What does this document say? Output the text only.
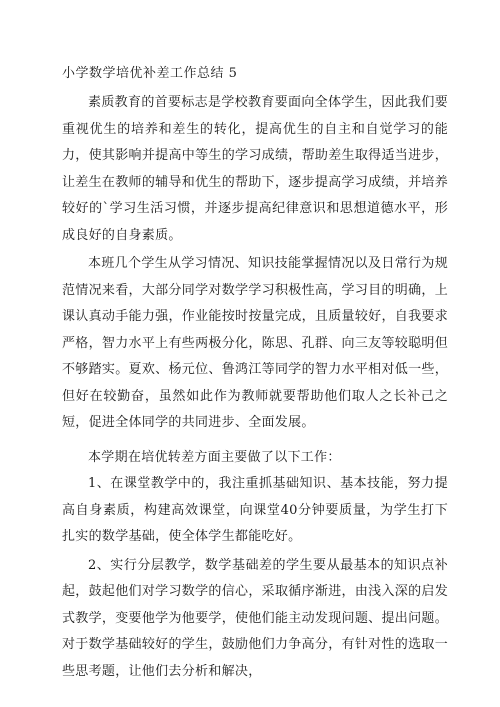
小学数学培优补差工作总结 5

素质教育的首要标志是学校教育要面向全体学生，因此我们要重视优生的培养和差生的转化，提高优生的自主和自觉学习的能力，使其影响并提高中等生的学习成绩，帮助差生取得适当进步，让差生在教师的辅导和优生的帮助下，逐步提高学习成绩，并培养较好的`学习生活习惯，并逐步提高纪律意识和思想道德水平，形成良好的自身素质。

本班几个学生从学习情况、知识技能掌握情况以及日常行为规范情况来看，大部分同学对数学学习积极性高，学习目的明确，上课认真动手能力强，作业能按时按量完成，且质量较好，自我要求严格，智力水平上有些两极分化，陈思、孔群、向三友等较聪明但不够踏实。夏欢、杨元位、鲁鸿江等同学的智力水平相对低一些，但好在较勤奋，虽然如此作为教师就要帮助他们取人之长补己之短，促进全体同学的共同进步、全面发展。

本学期在培优转差方面主要做了以下工作：

1、在课堂教学中的，我注重抓基础知识、基本技能，努力提高自身素质，构建高效课堂，向课堂40分钟要质量，为学生打下扎实的数学基础，使全体学生都能吃好。

2、实行分层教学，数学基础差的学生要从最基本的知识点补起，鼓起他们对学习数学的信心，采取循序渐进，由浅入深的启发式教学，变要他学为他要学，使他们能主动发现问题、提出问题。对于数学基础较好的学生，鼓励他们力争高分，有针对性的选取一些思考题，让他们去分析和解决，
